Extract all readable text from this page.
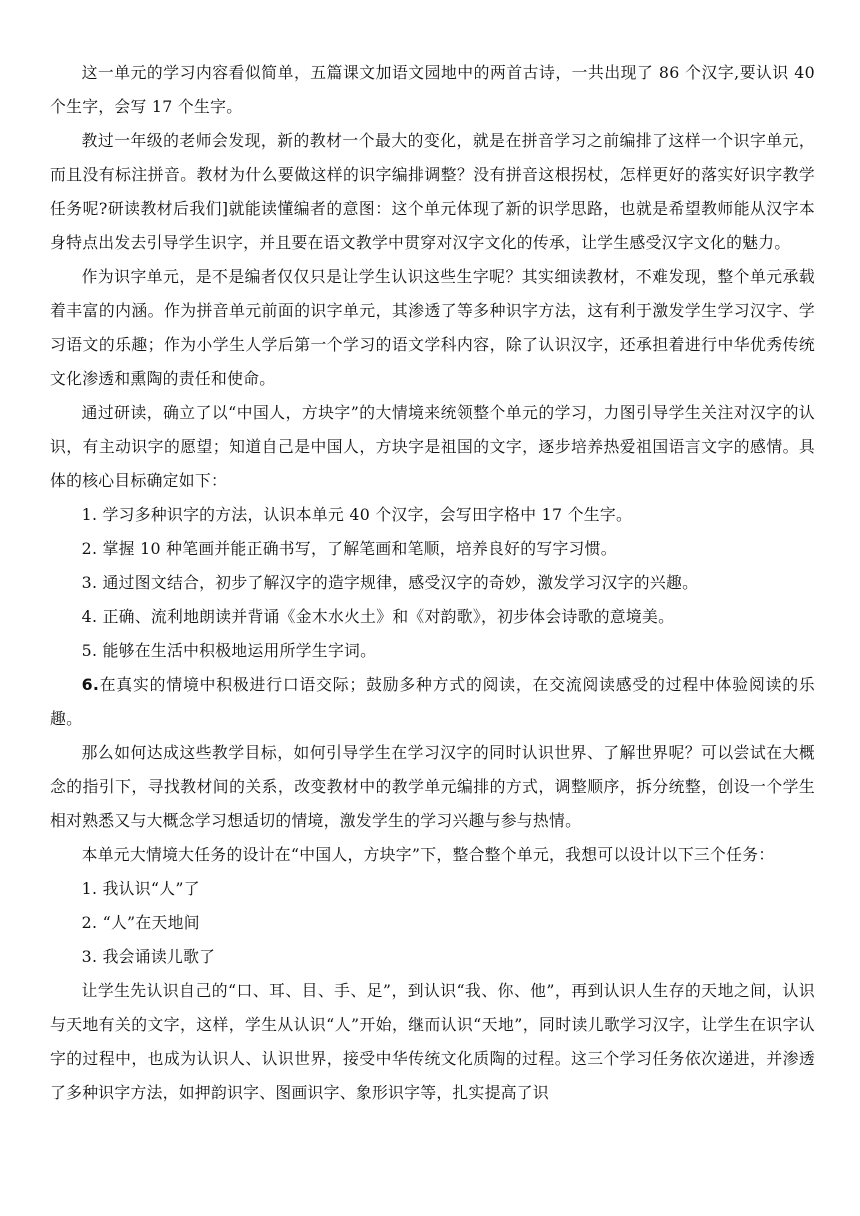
这一单元的学习内容看似简单，五篇课文加语文园地中的两首古诗，一共出现了 86 个汉字,要认识 40 个生字，会写 17 个生字。

教过一年级的老师会发现，新的教材一个最大的变化，就是在拼音学习之前编排了这样一个识字单元，而且没有标注拼音。教材为什么要做这样的识字编排调整？没有拼音这根拐杖，怎样更好的落实好识字教学任务呢?研读教材后我们]就能读懂编者的意图：这个单元体现了新的识学思路，也就是希望教师能从汉字本身特点出发去引导学生识字，并且要在语文教学中贯穿对汉字文化的传承，让学生感受汉字文化的魅力。

作为识字单元，是不是编者仅仅只是让学生认识这些生字呢？其实细读教材，不难发现，整个单元承载着丰富的内涵。作为拼音单元前面的识字单元，其渗透了等多种识字方法，这有利于激发学生学习汉字、学习语文的乐趣；作为小学生人学后第一个学习的语文学科内容，除了认识汉字，还承担着进行中华优秀传统文化渗透和熏陶的责任和使命。

通过研读，确立了以“中国人，方块字”的大情境来统领整个单元的学习，力图引导学生关注对汉字的认识，有主动识字的愿望；知道自己是中国人，方块字是祖国的文字，逐步培养热爱祖国语言文字的感情。具体的核心目标确定如下：

1. 学习多种识字的方法，认识本单元 40 个汉字，会写田字格中 17 个生字。

2. 掌握 10 种笔画并能正确书写，了解笔画和笔顺，培养良好的写字习惯。

3. 通过图文结合，初步了解汉字的造字规律，感受汉字的奇妙，激发学习汉字的兴趣。

4. 正确、流利地朗读并背诵《金木水火土》和《对韵歌》，初步体会诗歌的意境美。

5. 能够在生活中积极地运用所学生字词。

6.在真实的情境中积极进行口语交际；鼓励多种方式的阅读，在交流阅读感受的过程中体验阅读的乐趣。

那么如何达成这些教学目标，如何引导学生在学习汉字的同时认识世界、了解世界呢？可以尝试在大概念的指引下，寻找教材间的关系，改变教材中的教学单元编排的方式，调整顺序，拆分统整，创设一个学生相对熟悉又与大概念学习想适切的情境，激发学生的学习兴趣与参与热情。

本单元大情境大任务的设计在“中国人，方块字”下，整合整个单元，我想可以设计以下三个任务：

1. 我认识“人”了

2. “人”在天地间

3. 我会诵读儿歌了

让学生先认识自己的“口、耳、目、手、足”，到认识“我、你、他”，再到认识人生存的天地之间，认识与天地有关的文字，这样，学生从认识“人”开始，继而认识“天地”，同时读儿歌学习汉字，让学生在识字认字的过程中，也成为认识人、认识世界，接受中华传统文化质陶的过程。这三个学习任务依次递进，并渗透了多种识字方法，如押韵识字、图画识字、象形识字等，扎实提高了识
